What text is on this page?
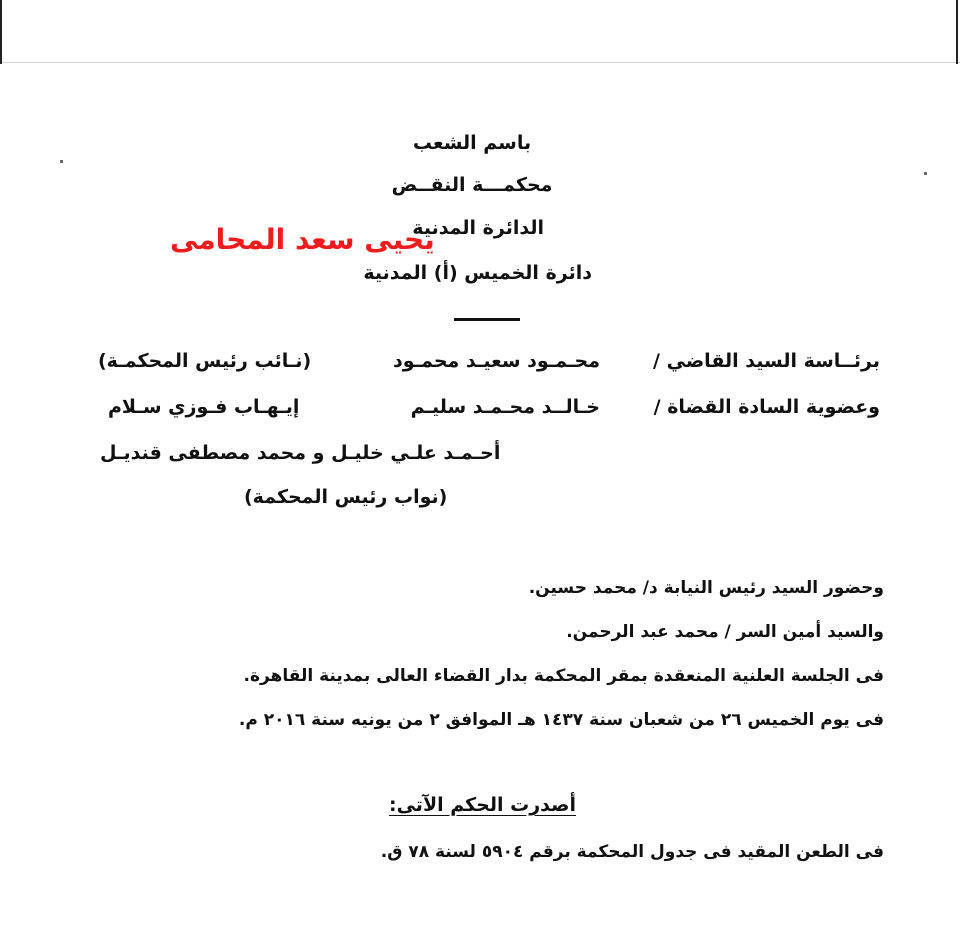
باسم الشعب
محكمـــة النقــض
الدائرة المدنية
يحيى سعد المحامى
دائرة الخميس (أ) المدنية
برئــاسة السيد القاضي /
محـمـود سعيـد محمـود
(نـائب رئيس المحكمـة)
وعضوية السادة القضاة /
خـالــد محـمـد سليـم
إيـهـاب فـوزي سـلام
أحـمـد علـي خليـل و محمد مصطفى قنديـل
(نواب رئيس المحكمة)
وحضور السيد رئيس النيابة د/ محمد حسين.
والسيد أمين السر / محمد عبد الرحمن.
فى الجلسة العلنية المنعقدة بمقر المحكمة بدار القضاء العالى بمدينة القاهرة.
فى يوم الخميس ٢٦ من شعبان سنة ١٤٣٧ هـ الموافق ٢ من يونيه سنة ٢٠١٦ م.
أصدرت الحكم الآتى:
فى الطعن المقيد فى جدول المحكمة برقم ٥٩٠٤ لسنة ٧٨ ق.
